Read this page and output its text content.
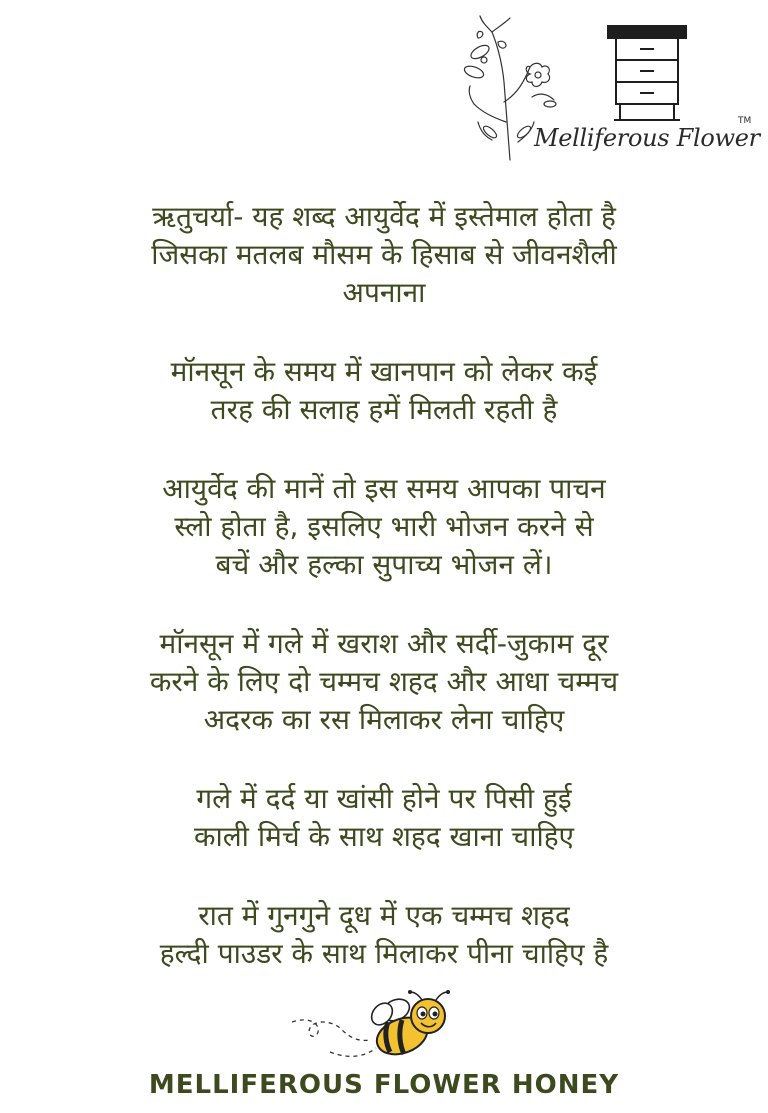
Melliferous Flower
TM

ऋतुचर्या- यह शब्द आयुर्वेद में इस्तेमाल होता है
जिसका मतलब मौसम के हिसाब से जीवनशैली
अपनाना

मॉनसून के समय में खानपान को लेकर कई
तरह की सलाह हमें मिलती रहती है

आयुर्वेद की मानें तो इस समय आपका पाचन
स्लो होता है, इसलिए भारी भोजन करने से
बचें और हल्का सुपाच्य भोजन लें।

मॉनसून में गले में खराश और सर्दी-जुकाम दूर
करने के लिए दो चम्मच शहद और आधा चम्मच
अदरक का रस मिलाकर लेना चाहिए

गले में दर्द या खांसी होने पर पिसी हुई
काली मिर्च के साथ शहद खाना चाहिए

रात में गुनगुने दूध में एक चम्मच शहद
हल्दी पाउडर के साथ मिलाकर पीना चाहिए है

MELLIFEROUS FLOWER HONEY
